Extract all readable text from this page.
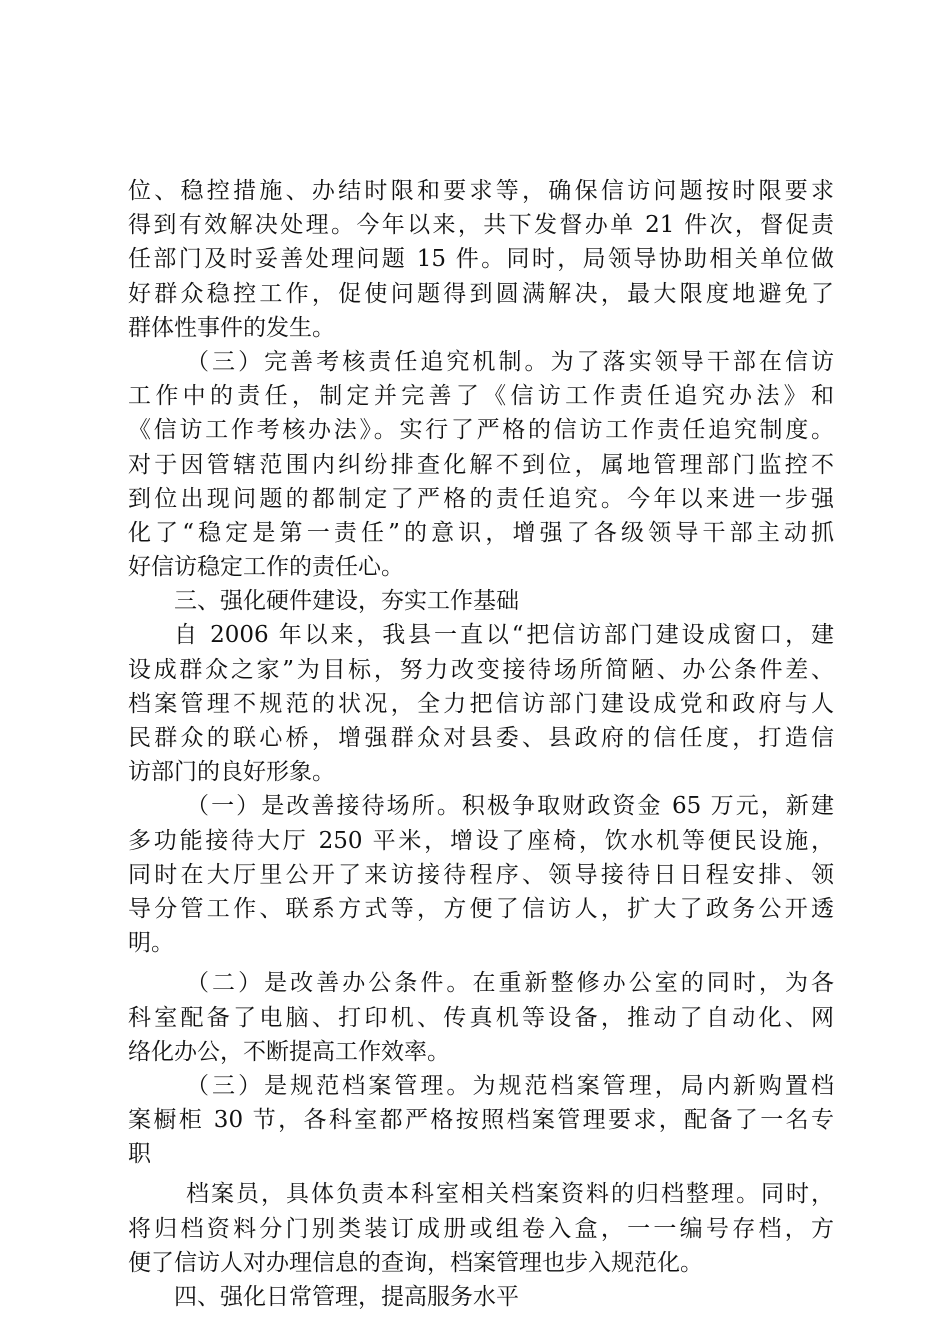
位、稳控措施、办结时限和要求等，确保信访问题按时限要求
得到有效解决处理。今年以来，共下发督办单 21 件次，督促责
任部门及时妥善处理问题 15 件。同时，局领导协助相关单位做
好群众稳控工作，促使问题得到圆满解决，最大限度地避免了
群体性事件的发生。
（三）完善考核责任追究机制。为了落实领导干部在信访
工作中的责任，制定并完善了《信访工作责任追究办法》和
《信访工作考核办法》。实行了严格的信访工作责任追究制度。
对于因管辖范围内纠纷排查化解不到位，属地管理部门监控不
到位出现问题的都制定了严格的责任追究。今年以来进一步强
化了“稳定是第一责任”的意识，增强了各级领导干部主动抓
好信访稳定工作的责任心。
三、强化硬件建设，夯实工作基础
自 2006 年以来，我县一直以“把信访部门建设成窗口，建
设成群众之家”为目标，努力改变接待场所简陋、办公条件差、
档案管理不规范的状况，全力把信访部门建设成党和政府与人
民群众的联心桥，增强群众对县委、县政府的信任度，打造信
访部门的良好形象。
（一）是改善接待场所。积极争取财政资金 65 万元，新建
多功能接待大厅 250 平米，增设了座椅，饮水机等便民设施，
同时在大厅里公开了来访接待程序、领导接待日日程安排、领
导分管工作、联系方式等，方便了信访人，扩大了政务公开透
明。
（二）是改善办公条件。在重新整修办公室的同时，为各
科室配备了电脑、打印机、传真机等设备，推动了自动化、网
络化办公，不断提高工作效率。
（三）是规范档案管理。为规范档案管理，局内新购置档
案橱柜 30 节，各科室都严格按照档案管理要求，配备了一名专
职
档案员，具体负责本科室相关档案资料的归档整理。同时，
将归档资料分门别类装订成册或组卷入盒，一一编号存档，方
便了信访人对办理信息的查询，档案管理也步入规范化。
四、强化日常管理，提高服务水平
